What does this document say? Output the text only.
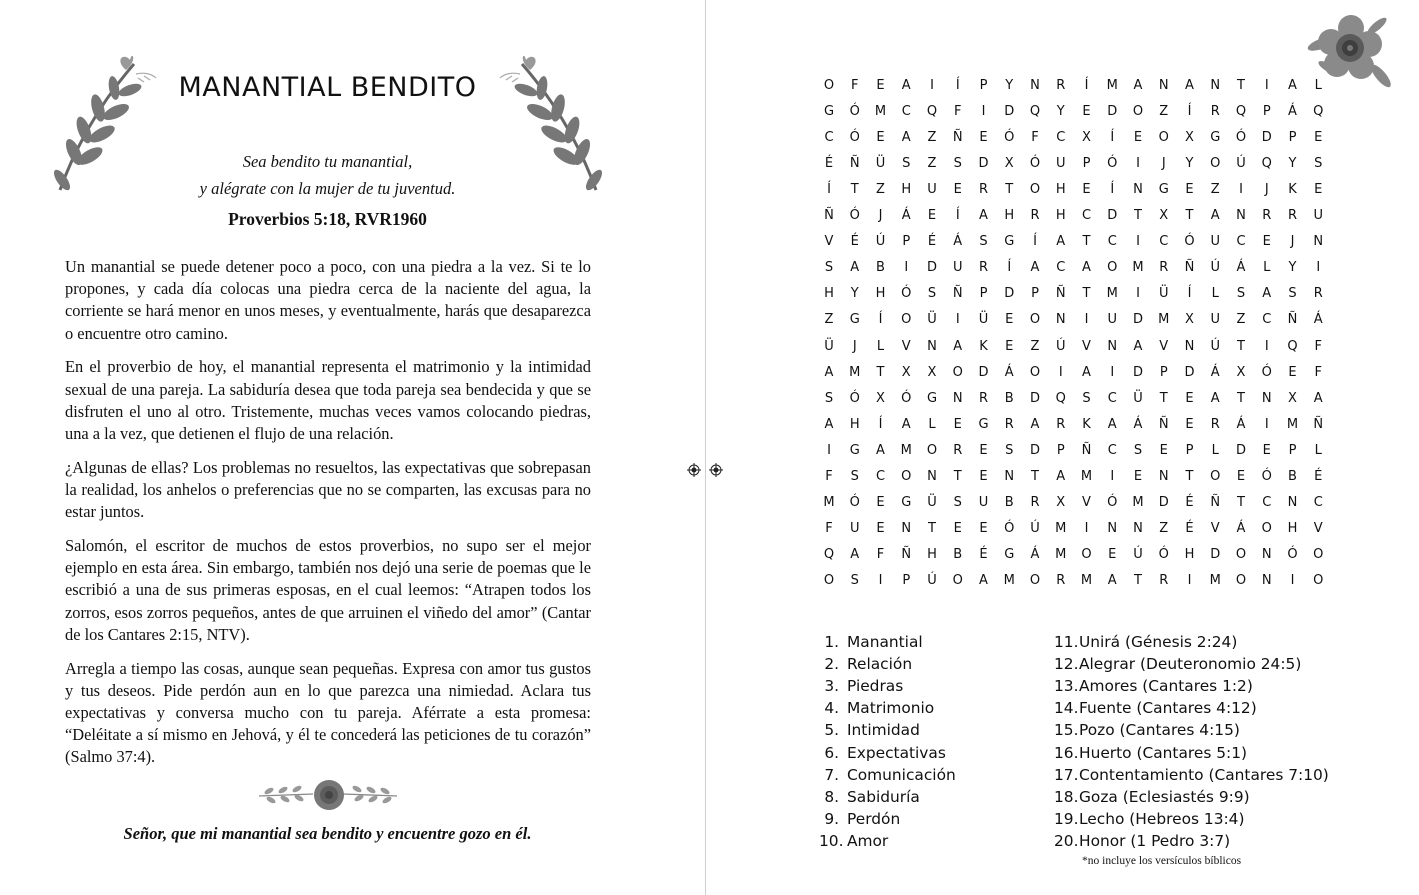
MANANTIAL BENDITO
Sea bendito tu manantial,
y alégrate con la mujer de tu juventud.
Proverbios 5:18, RVR1960

Un manantial se puede detener poco a poco, con una piedra a la vez. Si te lo propones, y cada día colocas una piedra cerca de la naciente del agua, la corriente se hará menor en unos meses, y eventualmente, harás que desaparezca o encuentre otro camino.

En el proverbio de hoy, el manantial representa el matrimonio y la intimidad sexual de una pareja. La sabiduría desea que toda pareja sea bendecida y que se disfruten el uno al otro. Tristemente, muchas veces vamos colocando piedras, una a la vez, que detienen el flujo de una relación.

¿Algunas de ellas? Los problemas no resueltos, las expectativas que sobrepasan la realidad, los anhelos o preferencias que no se comparten, las excusas para no estar juntos.

Salomón, el escritor de muchos de estos proverbios, no supo ser el mejor ejemplo en esta área. Sin embargo, también nos dejó una serie de poemas que le escribió a una de sus primeras esposas, en el cual leemos: “Atrapen todos los zorros, esos zorros pequeños, antes de que arruinen el viñedo del amor” (Cantar de los Cantares 2:15, NTV).

Arregla a tiempo las cosas, aunque sean pequeñas. Expresa con amor tus gustos y tus deseos. Pide perdón aun en lo que parezca una nimiedad. Aclara tus expectativas y conversa mucho con tu pareja. Aférrate a esta promesa: “Deléitate a sí mismo en Jehová, y él te concederá las peticiones de tu corazón” (Salmo 37:4).

Señor, que mi manantial sea bendito y encuentre gozo en él.
O	F	E	A	I	Í	P	Y	N	R	Í	M	A	N	A	N	T	I	A	L
G	Ó	M	C	Q	F	I	D	Q	Y	E	D	O	Z	Í	R	Q	P	Á	Q
C	Ó	E	A	Z	Ñ	E	Ó	F	C	X	Í	E	O	X	G	Ó	D	P	E
É	Ñ	Ü	S	Z	S	D	X	Ó	U	P	Ó	I	J	Y	O	Ú	Q	Y	S
Í	T	Z	H	U	E	R	T	O	H	E	Í	N	G	E	Z	I	J	K	E
Ñ	Ó	J	Á	E	Í	A	H	R	H	C	D	T	X	T	A	N	R	R	U
V	É	Ú	P	É	Á	S	G	Í	A	T	C	I	C	Ó	U	C	E	J	N
S	A	B	I	D	U	R	Í	A	C	A	O	M	R	Ñ	Ú	Á	L	Y	I
H	Y	H	Ó	S	Ñ	P	D	P	Ñ	T	M	I	Ü	Í	L	S	A	S	R
Z	G	Í	O	Ü	I	Ü	E	O	N	I	U	D	M	X	U	Z	C	Ñ	Á
Ü	J	L	V	N	A	K	E	Z	Ú	V	N	A	V	N	Ú	T	I	Q	F
A	M	T	X	X	O	D	Á	O	I	A	I	D	P	D	Á	X	Ó	E	F
S	Ó	X	Ó	G	N	R	B	D	Q	S	C	Ü	T	E	A	T	N	X	A
A	H	Í	A	L	E	G	R	A	R	K	A	Á	Ñ	E	R	Á	I	M	Ñ
I	G	A	M	O	R	E	S	D	P	Ñ	C	S	E	P	L	D	E	P	L
F	S	C	O	N	T	E	N	T	A	M	I	E	N	T	O	E	Ó	B	É
M	Ó	E	G	Ü	S	U	B	R	X	V	Ó	M	D	É	Ñ	T	C	N	C
F	U	E	N	T	E	E	Ó	Ú	M	I	N	N	Z	É	V	Á	O	H	V
Q	A	F	Ñ	H	B	É	G	Á	M	O	E	Ú	Ó	H	D	O	N	Ó	O
O	S	I	P	Ú	O	A	M	O	R	M	A	T	R	I	M	O	N	I	O
1. Manantial
2. Relación
3. Piedras
4. Matrimonio
5. Intimidad
6. Expectativas
7. Comunicación
8. Sabiduría
9. Perdón
10. Amor
11.Unirá (Génesis 2:24)
12.Alegrar (Deuteronomio 24:5)
13.Amores (Cantares 1:2)
14.Fuente (Cantares 4:12)
15.Pozo (Cantares 4:15)
16.Huerto (Cantares 5:1)
17.Contentamiento (Cantares 7:10)
18.Goza (Eclesiastés 9:9)
19.Lecho (Hebreos 13:4)
20.Honor (1 Pedro 3:7)
*no incluye los versículos bíblicos
